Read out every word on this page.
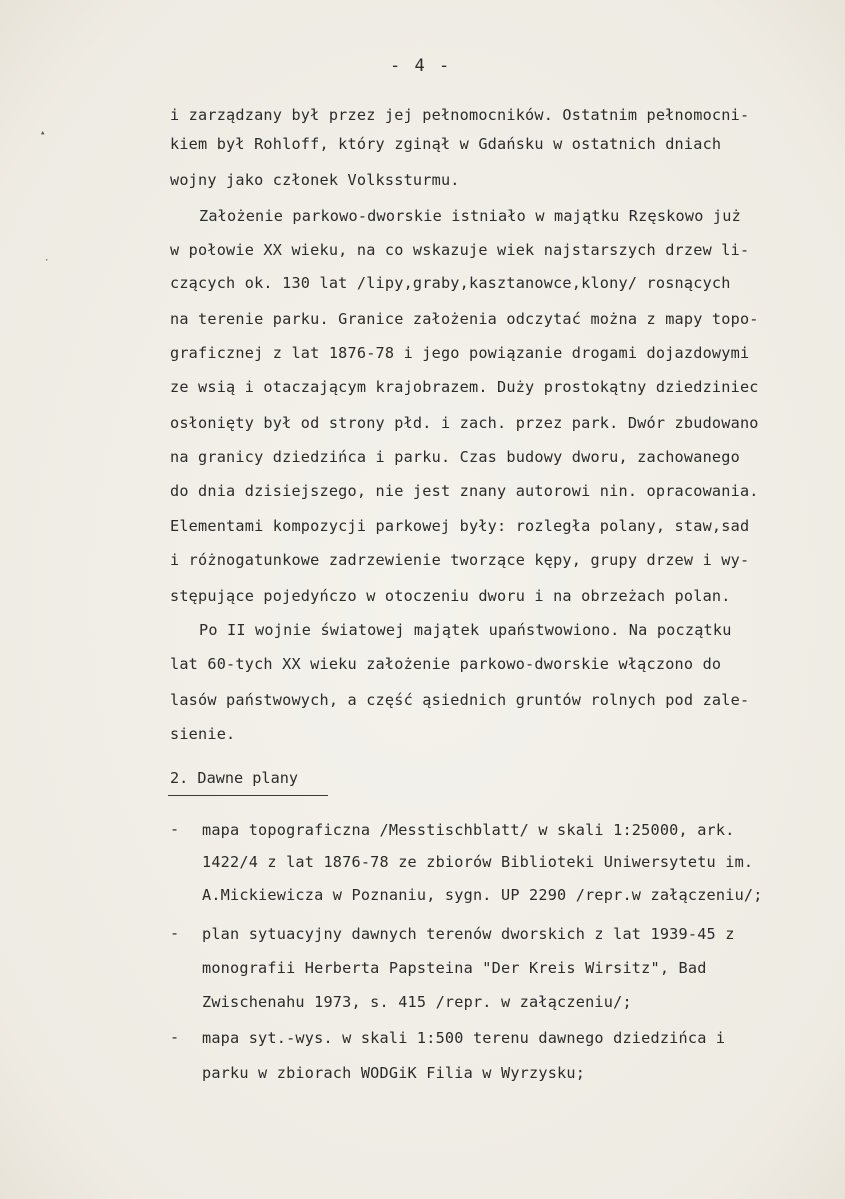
- 4 -
i zarządzany był przez jej pełnomocników. Ostatnim pełnomocni-
kiem był Rohloff, który zginął w Gdańsku w ostatnich dniach
wojny jako członek Volkssturmu.
Założenie parkowo-dworskie istniało w majątku Rzęskowo już
w połowie XX wieku, na co wskazuje wiek najstarszych drzew li-
czących ok. 130 lat /lipy,graby,kasztanowce,klony/ rosnących
na terenie parku. Granice założenia odczytać można z mapy topo-
graficznej z lat 1876-78 i jego powiązanie drogami dojazdowymi
ze wsią i otaczającym krajobrazem. Duży prostokątny dziedziniec
osłonięty był od strony płd. i zach. przez park. Dwór zbudowano
na granicy dziedzińca i parku. Czas budowy dworu, zachowanego
do dnia dzisiejszego, nie jest znany autorowi nin. opracowania.
Elementami kompozycji parkowej były: rozległa polany, staw,sad
i różnogatunkowe zadrzewienie tworzące kępy, grupy drzew i wy-
stępujące pojedyńczo w otoczeniu dworu i na obrzeżach polan.
Po II wojnie światowej majątek upaństwowiono. Na początku
lat 60-tych XX wieku założenie parkowo-dworskie włączono do
lasów państwowych, a część ąsiednich gruntów rolnych pod zale-
sienie.
2. Dawne plany
- mapa topograficzna /Messtischblatt/ w skali 1:25000, ark.
1422/4 z lat 1876-78 ze zbiorów Biblioteki Uniwersytetu im.
A.Mickiewicza w Poznaniu, sygn. UP 2290 /repr.w załączeniu/;
- plan sytuacyjny dawnych terenów dworskich z lat 1939-45 z
monografii Herberta Papsteina "Der Kreis Wirsitz", Bad
Zwischenahu 1973, s. 415 /repr. w załączeniu/;
- mapa syt.-wys. w skali 1:500 terenu dawnego dziedzińca i
parku w zbiorach WODGiK Filia w Wyrzysku;
▴
·
